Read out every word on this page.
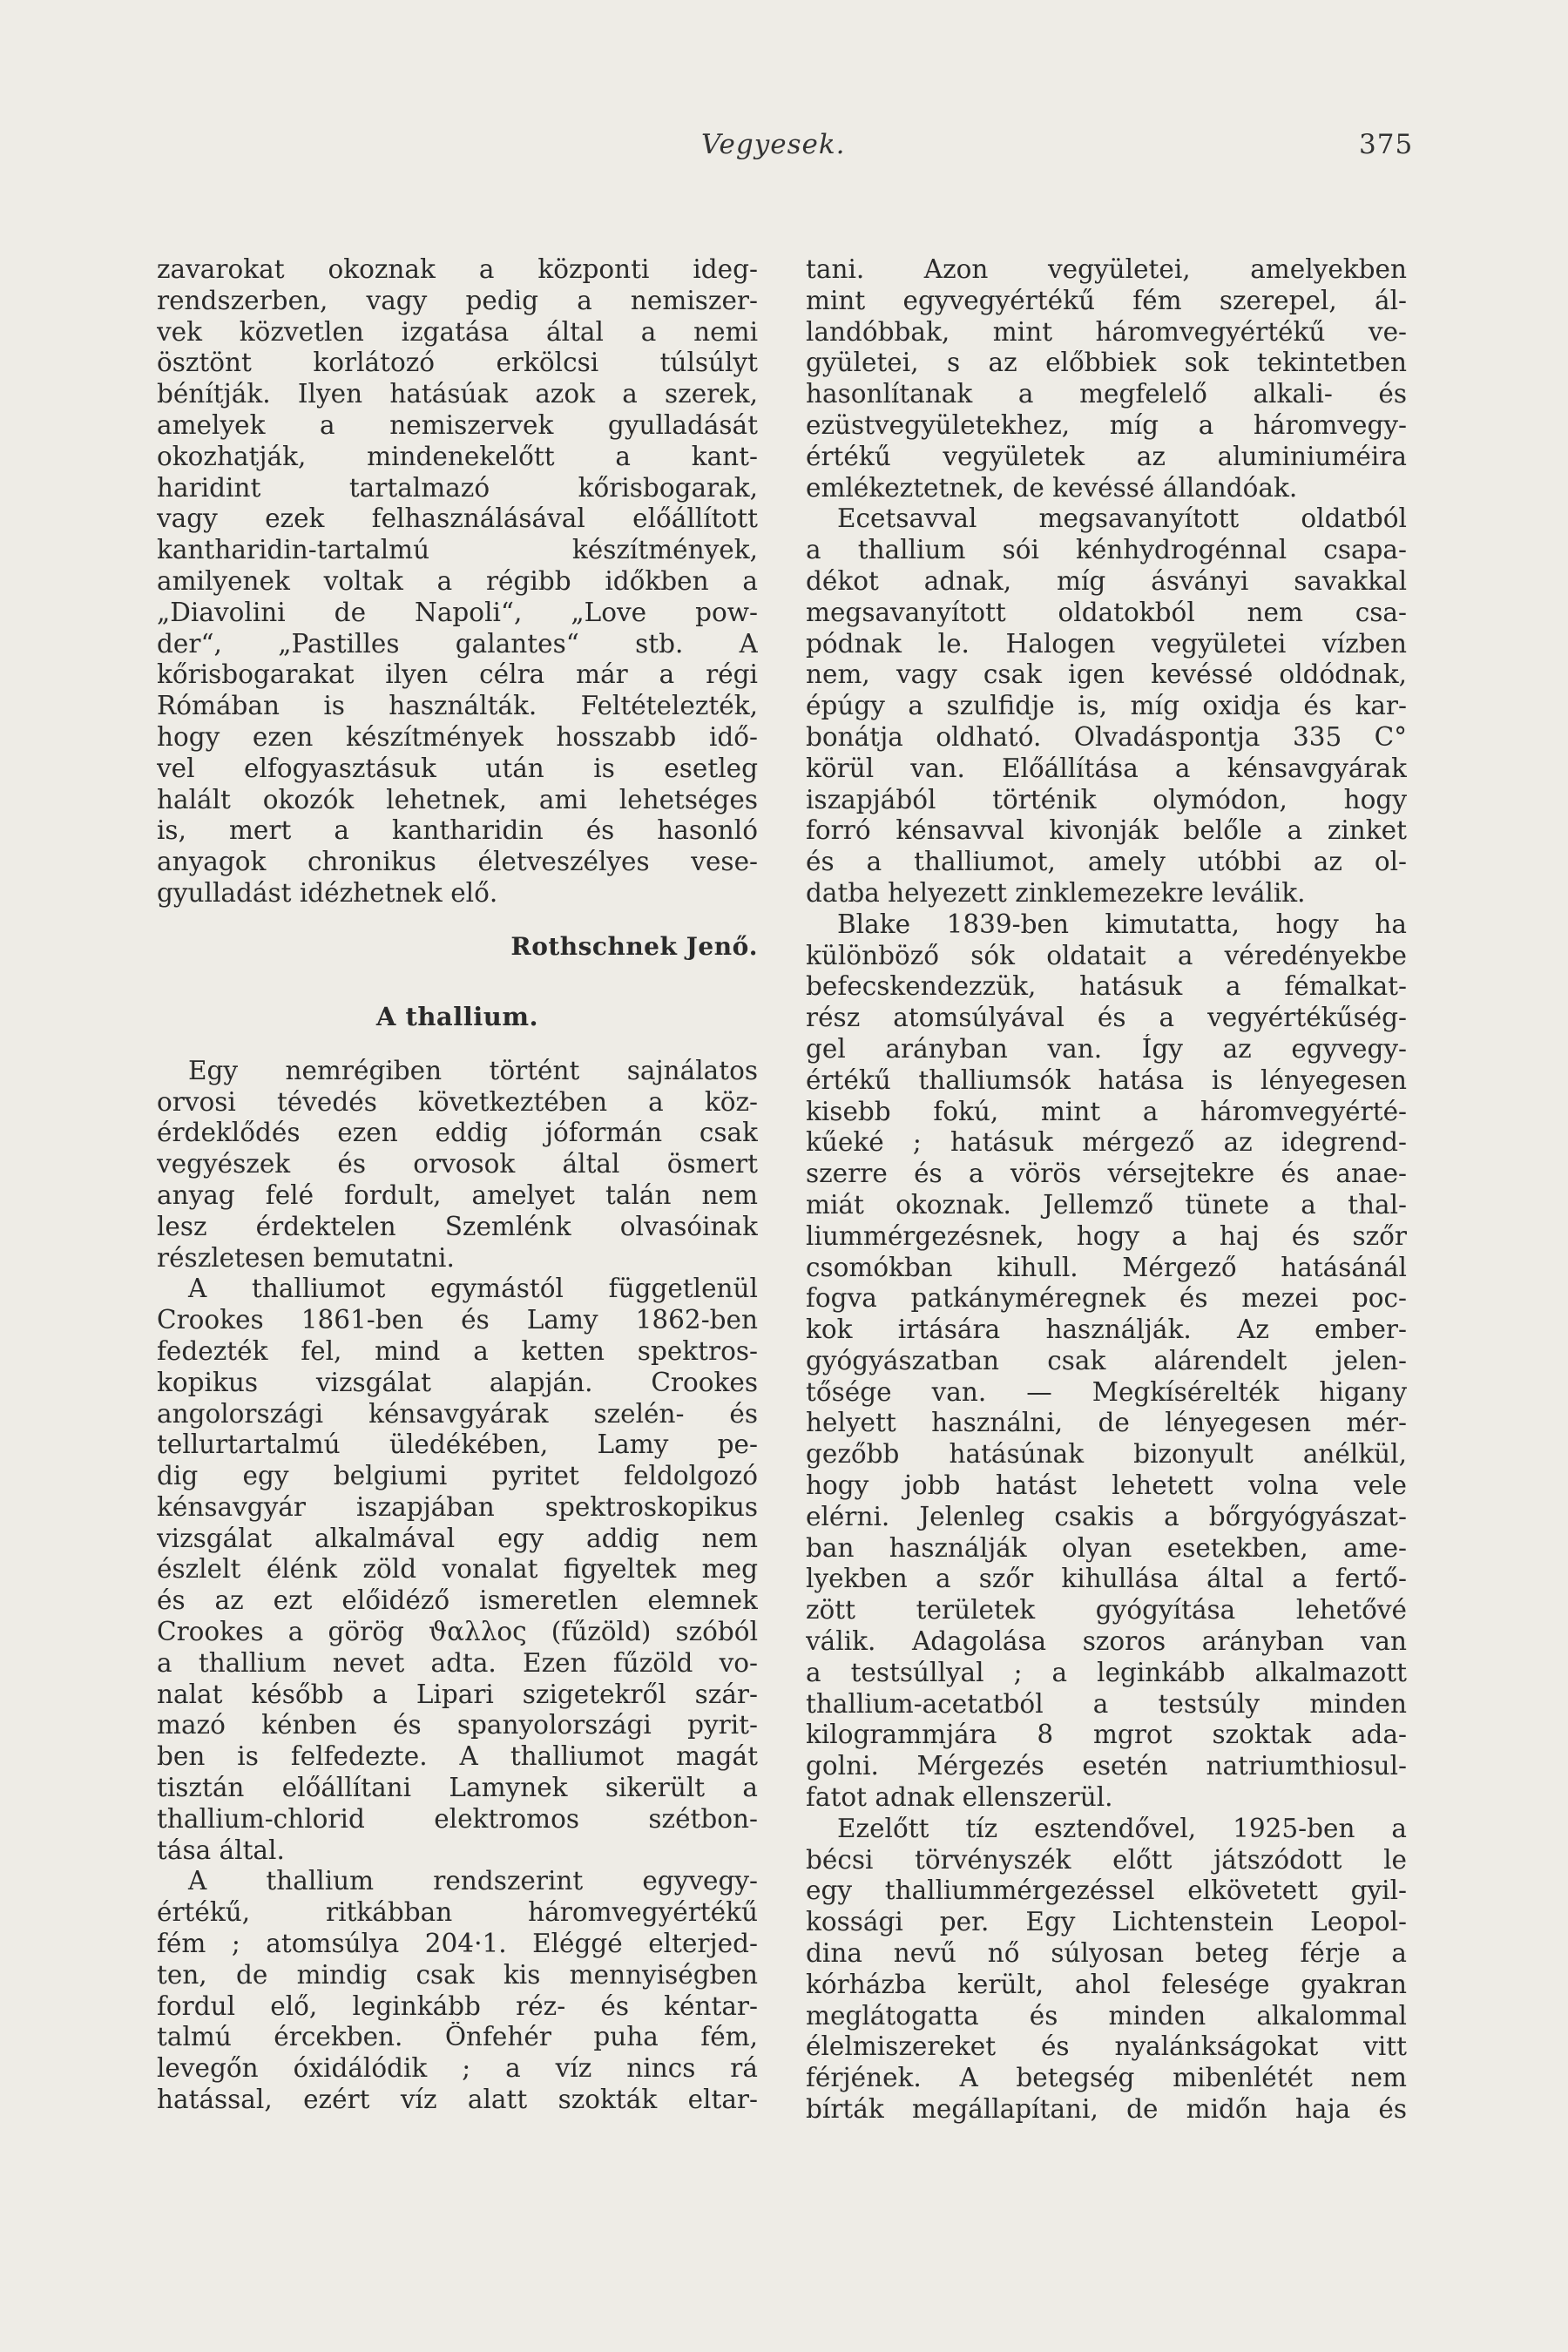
Vegyesek.	375
zavarokat okoznak a központi ideg-
rendszerben, vagy pedig a nemiszer-
vek közvetlen izgatása által a nemi
ösztönt korlátozó erkölcsi túlsúlyt
bénítják. Ilyen hatásúak azok a szerek,
amelyek a nemiszervek gyulladását
okozhatják, mindenekelőtt a kant-
haridint tartalmazó kőrisbogarak,
vagy ezek felhasználásával előállított
kantharidin-tartalmú készítmények,
amilyenek voltak a régibb időkben a
„Diavolini de Napoli“, „Love pow-
der“, „Pastilles galantes“ stb. A
kőrisbogarakat ilyen célra már a régi
Rómában is használták. Feltételezték,
hogy ezen készítmények hosszabb idő-
vel elfogyasztásuk után is esetleg
halált okozók lehetnek, ami lehetséges
is, mert a kantharidin és hasonló
anyagok chronikus életveszélyes vese-
gyulladást idézhetnek elő.
Rothschnek Jenő.
A thallium.
Egy nemrégiben történt sajnálatos
orvosi tévedés következtében a köz-
érdeklődés ezen eddig jóformán csak
vegyészek és orvosok által ösmert
anyag felé fordult, amelyet talán nem
lesz érdektelen Szemlénk olvasóinak
részletesen bemutatni.
A thalliumot egymástól függetlenül
Crookes 1861-ben és Lamy 1862-ben
fedezték fel, mind a ketten spektros-
kopikus vizsgálat alapján. Crookes
angolországi kénsavgyárak szelén- és
tellurtartalmú üledékében, Lamy pe-
dig egy belgiumi pyritet feldolgozó
kénsavgyár iszapjában spektroskopikus
vizsgálat alkalmával egy addig nem
észlelt élénk zöld vonalat figyeltek meg
és az ezt előidéző ismeretlen elemnek
Crookes a görög ϑαλλος (fűzöld) szóból
a thallium nevet adta. Ezen fűzöld vo-
nalat később a Lipari szigetekről szár-
mazó kénben és spanyolországi pyrit-
ben is felfedezte. A thalliumot magát
tisztán előállítani Lamynek sikerült a
thallium-chlorid elektromos szétbon-
tása által.
A thallium rendszerint egyvegy-
értékű, ritkábban háromvegyértékű
fém ; atomsúlya 204·1. Eléggé elterjed-
ten, de mindig csak kis mennyiségben
fordul elő, leginkább réz- és kéntar-
talmú ércekben. Önfehér puha fém,
levegőn óxidálódik ; a víz nincs rá
hatással, ezért víz alatt szokták eltar-
tani. Azon vegyületei, amelyekben
mint egyvegyértékű fém szerepel, ál-
landóbbak, mint háromvegyértékű ve-
gyületei, s az előbbiek sok tekintetben
hasonlítanak a megfelelő alkali- és
ezüstvegyületekhez, míg a háromvegy-
értékű vegyületek az aluminiuméira
emlékeztetnek, de kevéssé állandóak.
Ecetsavval megsavanyított oldatból
a thallium sói kénhydrogénnal csapa-
dékot adnak, míg ásványi savakkal
megsavanyított oldatokból nem csa-
pódnak le. Halogen vegyületei vízben
nem, vagy csak igen kevéssé oldódnak,
épúgy a szulfidje is, míg oxidja és kar-
bonátja oldható. Olvadáspontja 335 C°
körül van. Előállítása a kénsavgyárak
iszapjából történik olymódon, hogy
forró kénsavval kivonják belőle a zinket
és a thalliumot, amely utóbbi az ol-
datba helyezett zinklemezekre leválik.
Blake 1839-ben kimutatta, hogy ha
különböző sók oldatait a véredényekbe
befecskendezzük, hatásuk a fémalkat-
rész atomsúlyával és a vegyértékűség-
gel arányban van. Így az egyvegy-
értékű thalliumsók hatása is lényegesen
kisebb fokú, mint a háromvegyérté-
kűeké ; hatásuk mérgező az idegrend-
szerre és a vörös vérsejtekre és anae-
miát okoznak. Jellemző tünete a thal-
liummérgezésnek, hogy a haj és szőr
csomókban kihull. Mérgező hatásánál
fogva patkányméregnek és mezei poc-
kok irtására használják. Az ember-
gyógyászatban csak alárendelt jelen-
tősége van. — Megkísérelték higany
helyett használni, de lényegesen mér-
gezőbb hatásúnak bizonyult anélkül,
hogy jobb hatást lehetett volna vele
elérni. Jelenleg csakis a bőrgyógyászat-
ban használják olyan esetekben, ame-
lyekben a szőr kihullása által a fertő-
zött területek gyógyítása lehetővé
válik. Adagolása szoros arányban van
a testsúllyal ; a leginkább alkalmazott
thallium-acetatból a testsúly minden
kilogrammjára 8 mgrot szoktak ada-
golni. Mérgezés esetén natriumthiosul-
fatot adnak ellenszerül.
Ezelőtt tíz esztendővel, 1925-ben a
bécsi törvényszék előtt játszódott le
egy thalliummérgezéssel elkövetett gyil-
kossági per. Egy Lichtenstein Leopol-
dina nevű nő súlyosan beteg férje a
kórházba került, ahol felesége gyakran
meglátogatta és minden alkalommal
élelmiszereket és nyalánkságokat vitt
férjének. A betegség mibenlétét nem
bírták megállapítani, de midőn haja és
